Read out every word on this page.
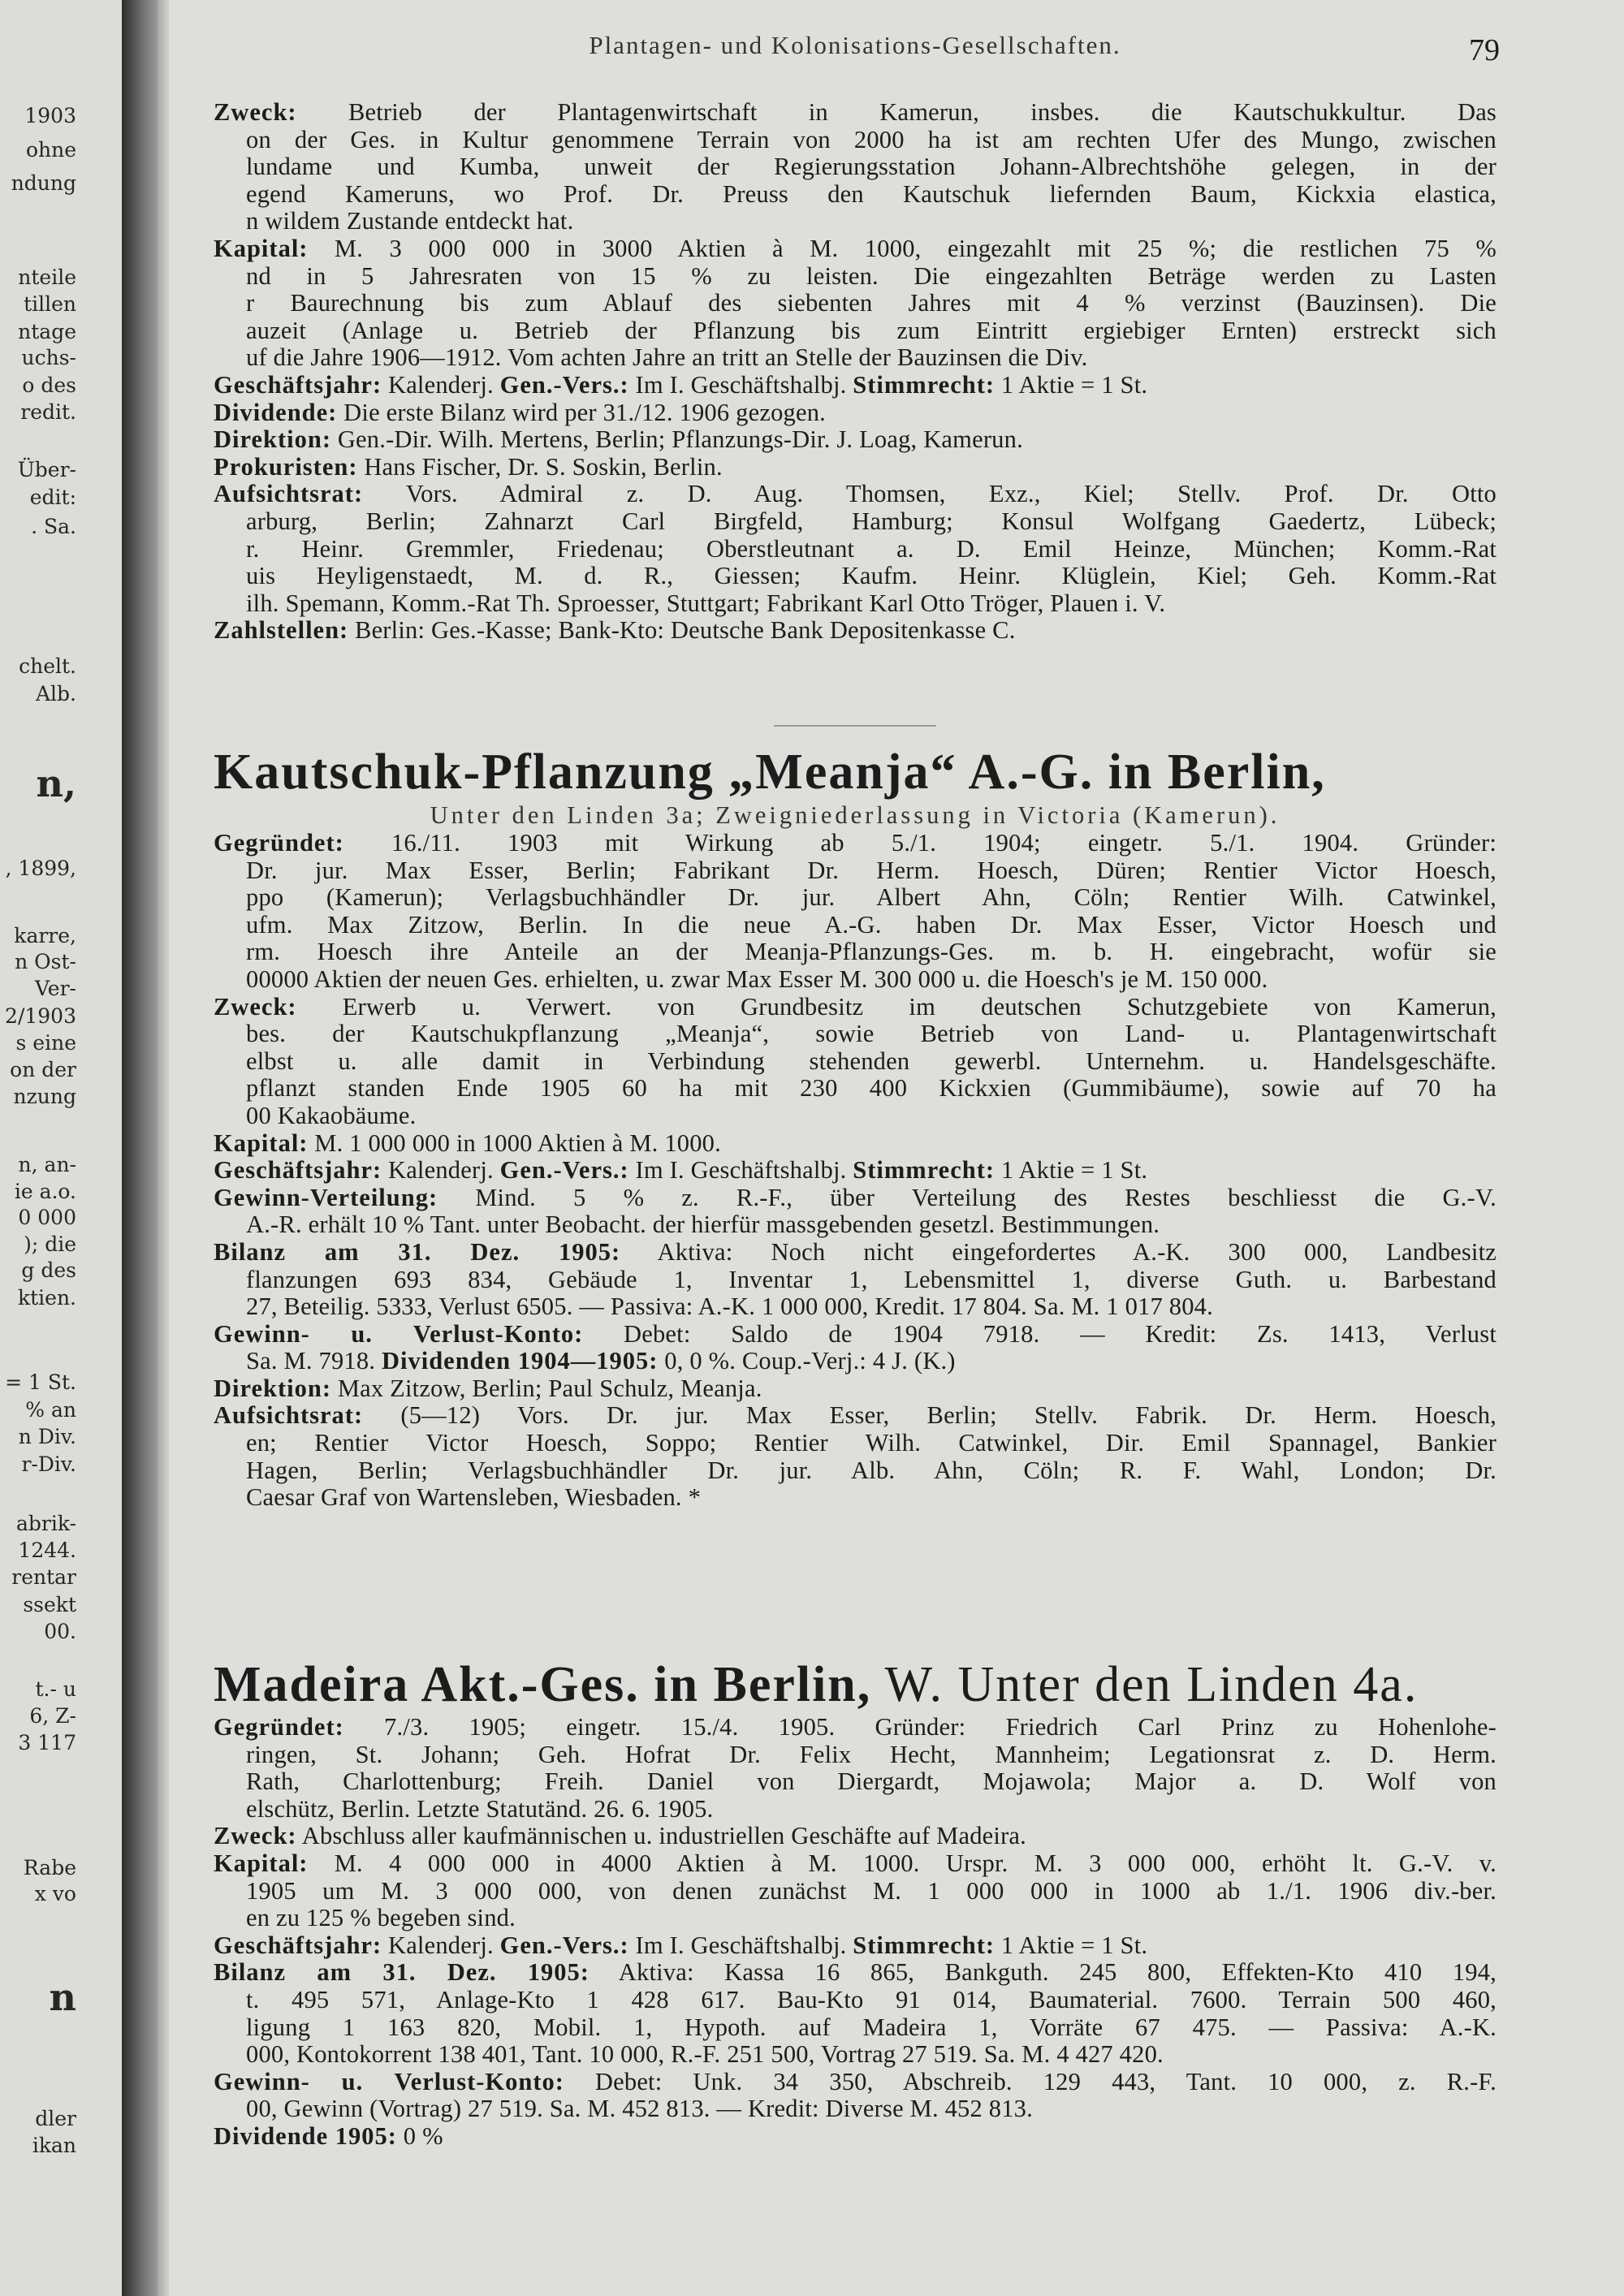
1903
ohne
ndung
nteile
tillen
ntage
uchs-
o des
redit.
Über-
edit:
. Sa.
chelt.
Alb.
n,
, 1899,
karre,
n Ost-
Ver-
2/1903
s eine
on der
nzung
n, an-
ie a.o.
0 000
); die
g des
ktien.
= 1 St.
% an
n Div.
r-Div.
abrik-
1244.
rentar
ssekt
00.
t.- u
6, Z-
3 117
Rabe
x vo
n
dler
ikan
Plantagen- und Kolonisations-Gesellschaften.	79
Zweck: Betrieb der Plantagenwirtschaft in Kamerun, insbes. die Kautschukkultur. Das
on der Ges. in Kultur genommene Terrain von 2000 ha ist am rechten Ufer des Mungo, zwischen
lundame und Kumba, unweit der Regierungsstation Johann-Albrechtshöhe gelegen, in der
egend Kameruns, wo Prof. Dr. Preuss den Kautschuk liefernden Baum, Kickxia elastica,
n wildem Zustande entdeckt hat.
Kapital: M. 3 000 000 in 3000 Aktien à M. 1000, eingezahlt mit 25 %; die restlichen 75 %
nd in 5 Jahresraten von 15 % zu leisten. Die eingezahlten Beträge werden zu Lasten
r Baurechnung bis zum Ablauf des siebenten Jahres mit 4 % verzinst (Bauzinsen). Die
auzeit (Anlage u. Betrieb der Pflanzung bis zum Eintritt ergiebiger Ernten) erstreckt sich
uf die Jahre 1906—1912. Vom achten Jahre an tritt an Stelle der Bauzinsen die Div.
Geschäftsjahr: Kalenderj. Gen.-Vers.: Im I. Geschäftshalbj. Stimmrecht: 1 Aktie = 1 St.
Dividende: Die erste Bilanz wird per 31./12. 1906 gezogen.
Direktion: Gen.-Dir. Wilh. Mertens, Berlin; Pflanzungs-Dir. J. Loag, Kamerun.
Prokuristen: Hans Fischer, Dr. S. Soskin, Berlin.
Aufsichtsrat: Vors. Admiral z. D. Aug. Thomsen, Exz., Kiel; Stellv. Prof. Dr. Otto
arburg, Berlin; Zahnarzt Carl Birgfeld, Hamburg; Konsul Wolfgang Gaedertz, Lübeck;
r. Heinr. Gremmler, Friedenau; Oberstleutnant a. D. Emil Heinze, München; Komm.-Rat
uis Heyligenstaedt, M. d. R., Giessen; Kaufm. Heinr. Klüglein, Kiel; Geh. Komm.-Rat
ilh. Spemann, Komm.-Rat Th. Sproesser, Stuttgart; Fabrikant Karl Otto Tröger, Plauen i. V.
Zahlstellen: Berlin: Ges.-Kasse; Bank-Kto: Deutsche Bank Depositenkasse C.
Kautschuk-Pflanzung „Meanja“ A.-G. in Berlin,
Unter den Linden 3a; Zweigniederlassung in Victoria (Kamerun).
Gegründet: 16./11. 1903 mit Wirkung ab 5./1. 1904; eingetr. 5./1. 1904. Gründer:
Dr. jur. Max Esser, Berlin; Fabrikant Dr. Herm. Hoesch, Düren; Rentier Victor Hoesch,
ppo (Kamerun); Verlagsbuchhändler Dr. jur. Albert Ahn, Cöln; Rentier Wilh. Catwinkel,
ufm. Max Zitzow, Berlin. In die neue A.-G. haben Dr. Max Esser, Victor Hoesch und
rm. Hoesch ihre Anteile an der Meanja-Pflanzungs-Ges. m. b. H. eingebracht, wofür sie
00000 Aktien der neuen Ges. erhielten, u. zwar Max Esser M. 300 000 u. die Hoesch's je M. 150 000.
Zweck: Erwerb u. Verwert. von Grundbesitz im deutschen Schutzgebiete von Kamerun,
bes. der Kautschukpflanzung „Meanja“, sowie Betrieb von Land- u. Plantagenwirtschaft
elbst u. alle damit in Verbindung stehenden gewerbl. Unternehm. u. Handelsgeschäfte.
pflanzt standen Ende 1905 60 ha mit 230 400 Kickxien (Gummibäume), sowie auf 70 ha
00 Kakaobäume.
Kapital: M. 1 000 000 in 1000 Aktien à M. 1000.
Geschäftsjahr: Kalenderj. Gen.-Vers.: Im I. Geschäftshalbj. Stimmrecht: 1 Aktie = 1 St.
Gewinn-Verteilung: Mind. 5 % z. R.-F., über Verteilung des Restes beschliesst die G.-V.
A.-R. erhält 10 % Tant. unter Beobacht. der hierfür massgebenden gesetzl. Bestimmungen.
Bilanz am 31. Dez. 1905: Aktiva: Noch nicht eingefordertes A.-K. 300 000, Landbesitz
flanzungen 693 834, Gebäude 1, Inventar 1, Lebensmittel 1, diverse Guth. u. Barbestand
27, Beteilig. 5333, Verlust 6505. — Passiva: A.-K. 1 000 000, Kredit. 17 804. Sa. M. 1 017 804.
Gewinn- u. Verlust-Konto: Debet: Saldo de 1904 7918. — Kredit: Zs. 1413, Verlust
Sa. M. 7918. Dividenden 1904—1905: 0, 0 %. Coup.-Verj.: 4 J. (K.)
Direktion: Max Zitzow, Berlin; Paul Schulz, Meanja.
Aufsichtsrat: (5—12) Vors. Dr. jur. Max Esser, Berlin; Stellv. Fabrik. Dr. Herm. Hoesch,
en; Rentier Victor Hoesch, Soppo; Rentier Wilh. Catwinkel, Dir. Emil Spannagel, Bankier
Hagen, Berlin; Verlagsbuchhändler Dr. jur. Alb. Ahn, Cöln; R. F. Wahl, London; Dr.
Caesar Graf von Wartensleben, Wiesbaden. *
Madeira Akt.-Ges. in Berlin, W. Unter den Linden 4a.
Gegründet: 7./3. 1905; eingetr. 15./4. 1905. Gründer: Friedrich Carl Prinz zu Hohenlohe-
ringen, St. Johann; Geh. Hofrat Dr. Felix Hecht, Mannheim; Legationsrat z. D. Herm.
Rath, Charlottenburg; Freih. Daniel von Diergardt, Mojawola; Major a. D. Wolf von
elschütz, Berlin. Letzte Statutänd. 26. 6. 1905.
Zweck: Abschluss aller kaufmännischen u. industriellen Geschäfte auf Madeira.
Kapital: M. 4 000 000 in 4000 Aktien à M. 1000. Urspr. M. 3 000 000, erhöht lt. G.-V. v.
1905 um M. 3 000 000, von denen zunächst M. 1 000 000 in 1000 ab 1./1. 1906 div.-ber.
en zu 125 % begeben sind.
Geschäftsjahr: Kalenderj. Gen.-Vers.: Im I. Geschäftshalbj. Stimmrecht: 1 Aktie = 1 St.
Bilanz am 31. Dez. 1905: Aktiva: Kassa 16 865, Bankguth. 245 800, Effekten-Kto 410 194,
t. 495 571, Anlage-Kto 1 428 617. Bau-Kto 91 014, Baumaterial. 7600. Terrain 500 460,
ligung 1 163 820, Mobil. 1, Hypoth. auf Madeira 1, Vorräte 67 475. — Passiva: A.-K.
000, Kontokorrent 138 401, Tant. 10 000, R.-F. 251 500, Vortrag 27 519. Sa. M. 4 427 420.
Gewinn- u. Verlust-Konto: Debet: Unk. 34 350, Abschreib. 129 443, Tant. 10 000, z. R.-F.
00, Gewinn (Vortrag) 27 519. Sa. M. 452 813. — Kredit: Diverse M. 452 813.
Dividende 1905: 0 %
